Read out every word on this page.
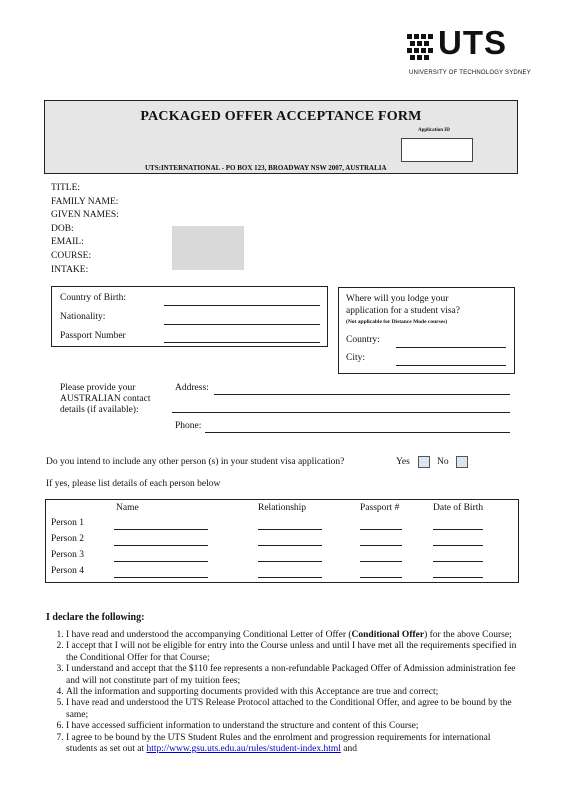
UTS
UNIVERSITY OF TECHNOLOGY SYDNEY
PACKAGED OFFER ACCEPTANCE FORM
Application ID
UTS:INTERNATIONAL - PO BOX 123, BROADWAY NSW 2007, AUSTRALIA
TITLE:
FAMILY NAME:
GIVEN NAMES:
DOB:
EMAIL:
COURSE:
INTAKE:
Country of Birth:
Nationality:
Passport Number
Where will you lodge your
application for a student visa?
(Not applicable for Distance Mode courses)
Country:
City:
Please provide your
AUSTRALIAN contact
details (if available):
Address:
Phone:
Do you intend to include any other person (s) in your student visa application?	Yes	No
If yes, please list details of each person below
Name	Relationship	Passport #	Date of Birth
Person 1
Person 2
Person 3
Person 4
I declare the following:
1. I have read and understood the accompanying Conditional Letter of Offer (Conditional Offer) for the above Course;
2. I accept that I will not be eligible for entry into the Course unless and until I have met all the requirements specified in the Conditional Offer for that Course;
3. I understand and accept that the $110 fee represents a non-refundable Packaged Offer of Admission administration fee and will not constitute part of my tuition fees;
4. All the information and supporting documents provided with this Acceptance are true and correct;
5. I have read and understood the UTS Release Protocol attached to the Conditional Offer, and agree to be bound by the same;
6. I have accessed sufficient information to understand the structure and content of this Course;
7. I agree to be bound by the UTS Student Rules and the enrolment and progression requirements for international students as set out at http://www.gsu.uts.edu.au/rules/student-index.html and
